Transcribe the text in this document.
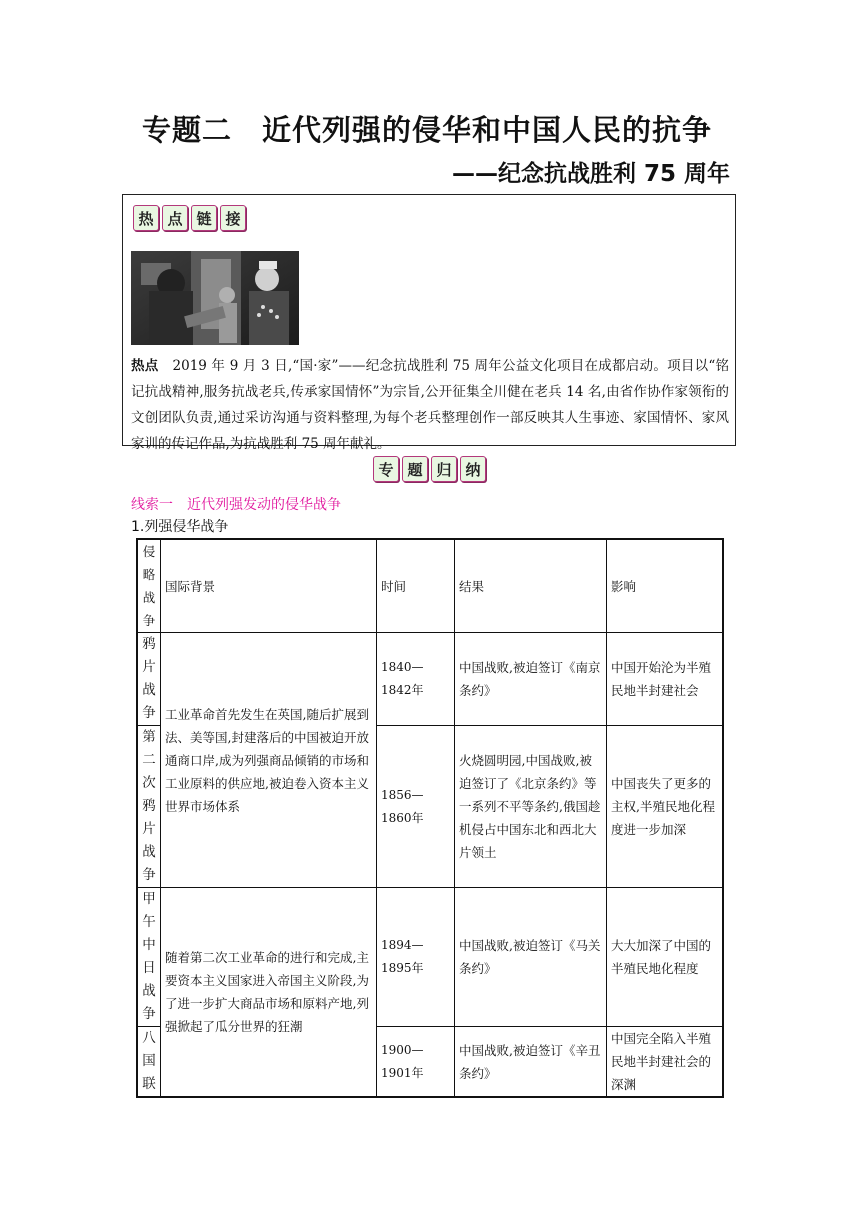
专题二　近代列强的侵华和中国人民的抗争
——纪念抗战胜利 75 周年
热 点 链 接
热点 2019 年 9 月 3 日,“国·家”——纪念抗战胜利 75 周年公益文化项目在成都启动。项目以“铭记抗战精神,服务抗战老兵,传承家国情怀”为宗旨,公开征集全川健在老兵 14 名,由省作协作家领衔的文创团队负责,通过采访沟通与资料整理,为每个老兵整理创作一部反映其人生事迹、家国情怀、家风家训的传记作品,为抗战胜利 75 周年献礼。
专 题 归 纳
线索一　近代列强发动的侵华战争
1.列强侵华战争
侵略战争	国际背景	时间	结果	影响
鸦片战争	工业革命首先发生在英国,随后扩展到法、美等国,封建落后的中国被迫开放通商口岸,成为列强商品倾销的市场和工业原料的供应地,被迫卷入资本主义世界市场体系	1840—1842年	中国战败,被迫签订《南京条约》	中国开始沦为半殖民地半封建社会
第二次鸦片战争		1856—1860年	火烧圆明园,中国战败,被迫签订了《北京条约》等一系列不平等条约,俄国趁机侵占中国东北和西北大片领土	中国丧失了更多的主权,半殖民地化程度进一步加深
甲午中日战争	随着第二次工业革命的进行和完成,主要资本主义国家进入帝国主义阶段,为了进一步扩大商品市场和原料产地,列强掀起了瓜分世界的狂潮	1894—1895年	中国战败,被迫签订《马关条约》	大大加深了中国的半殖民地化程度
八国联		1900—1901年	中国战败,被迫签订《辛丑条约》	中国完全陷入半殖民地半封建社会的深渊
